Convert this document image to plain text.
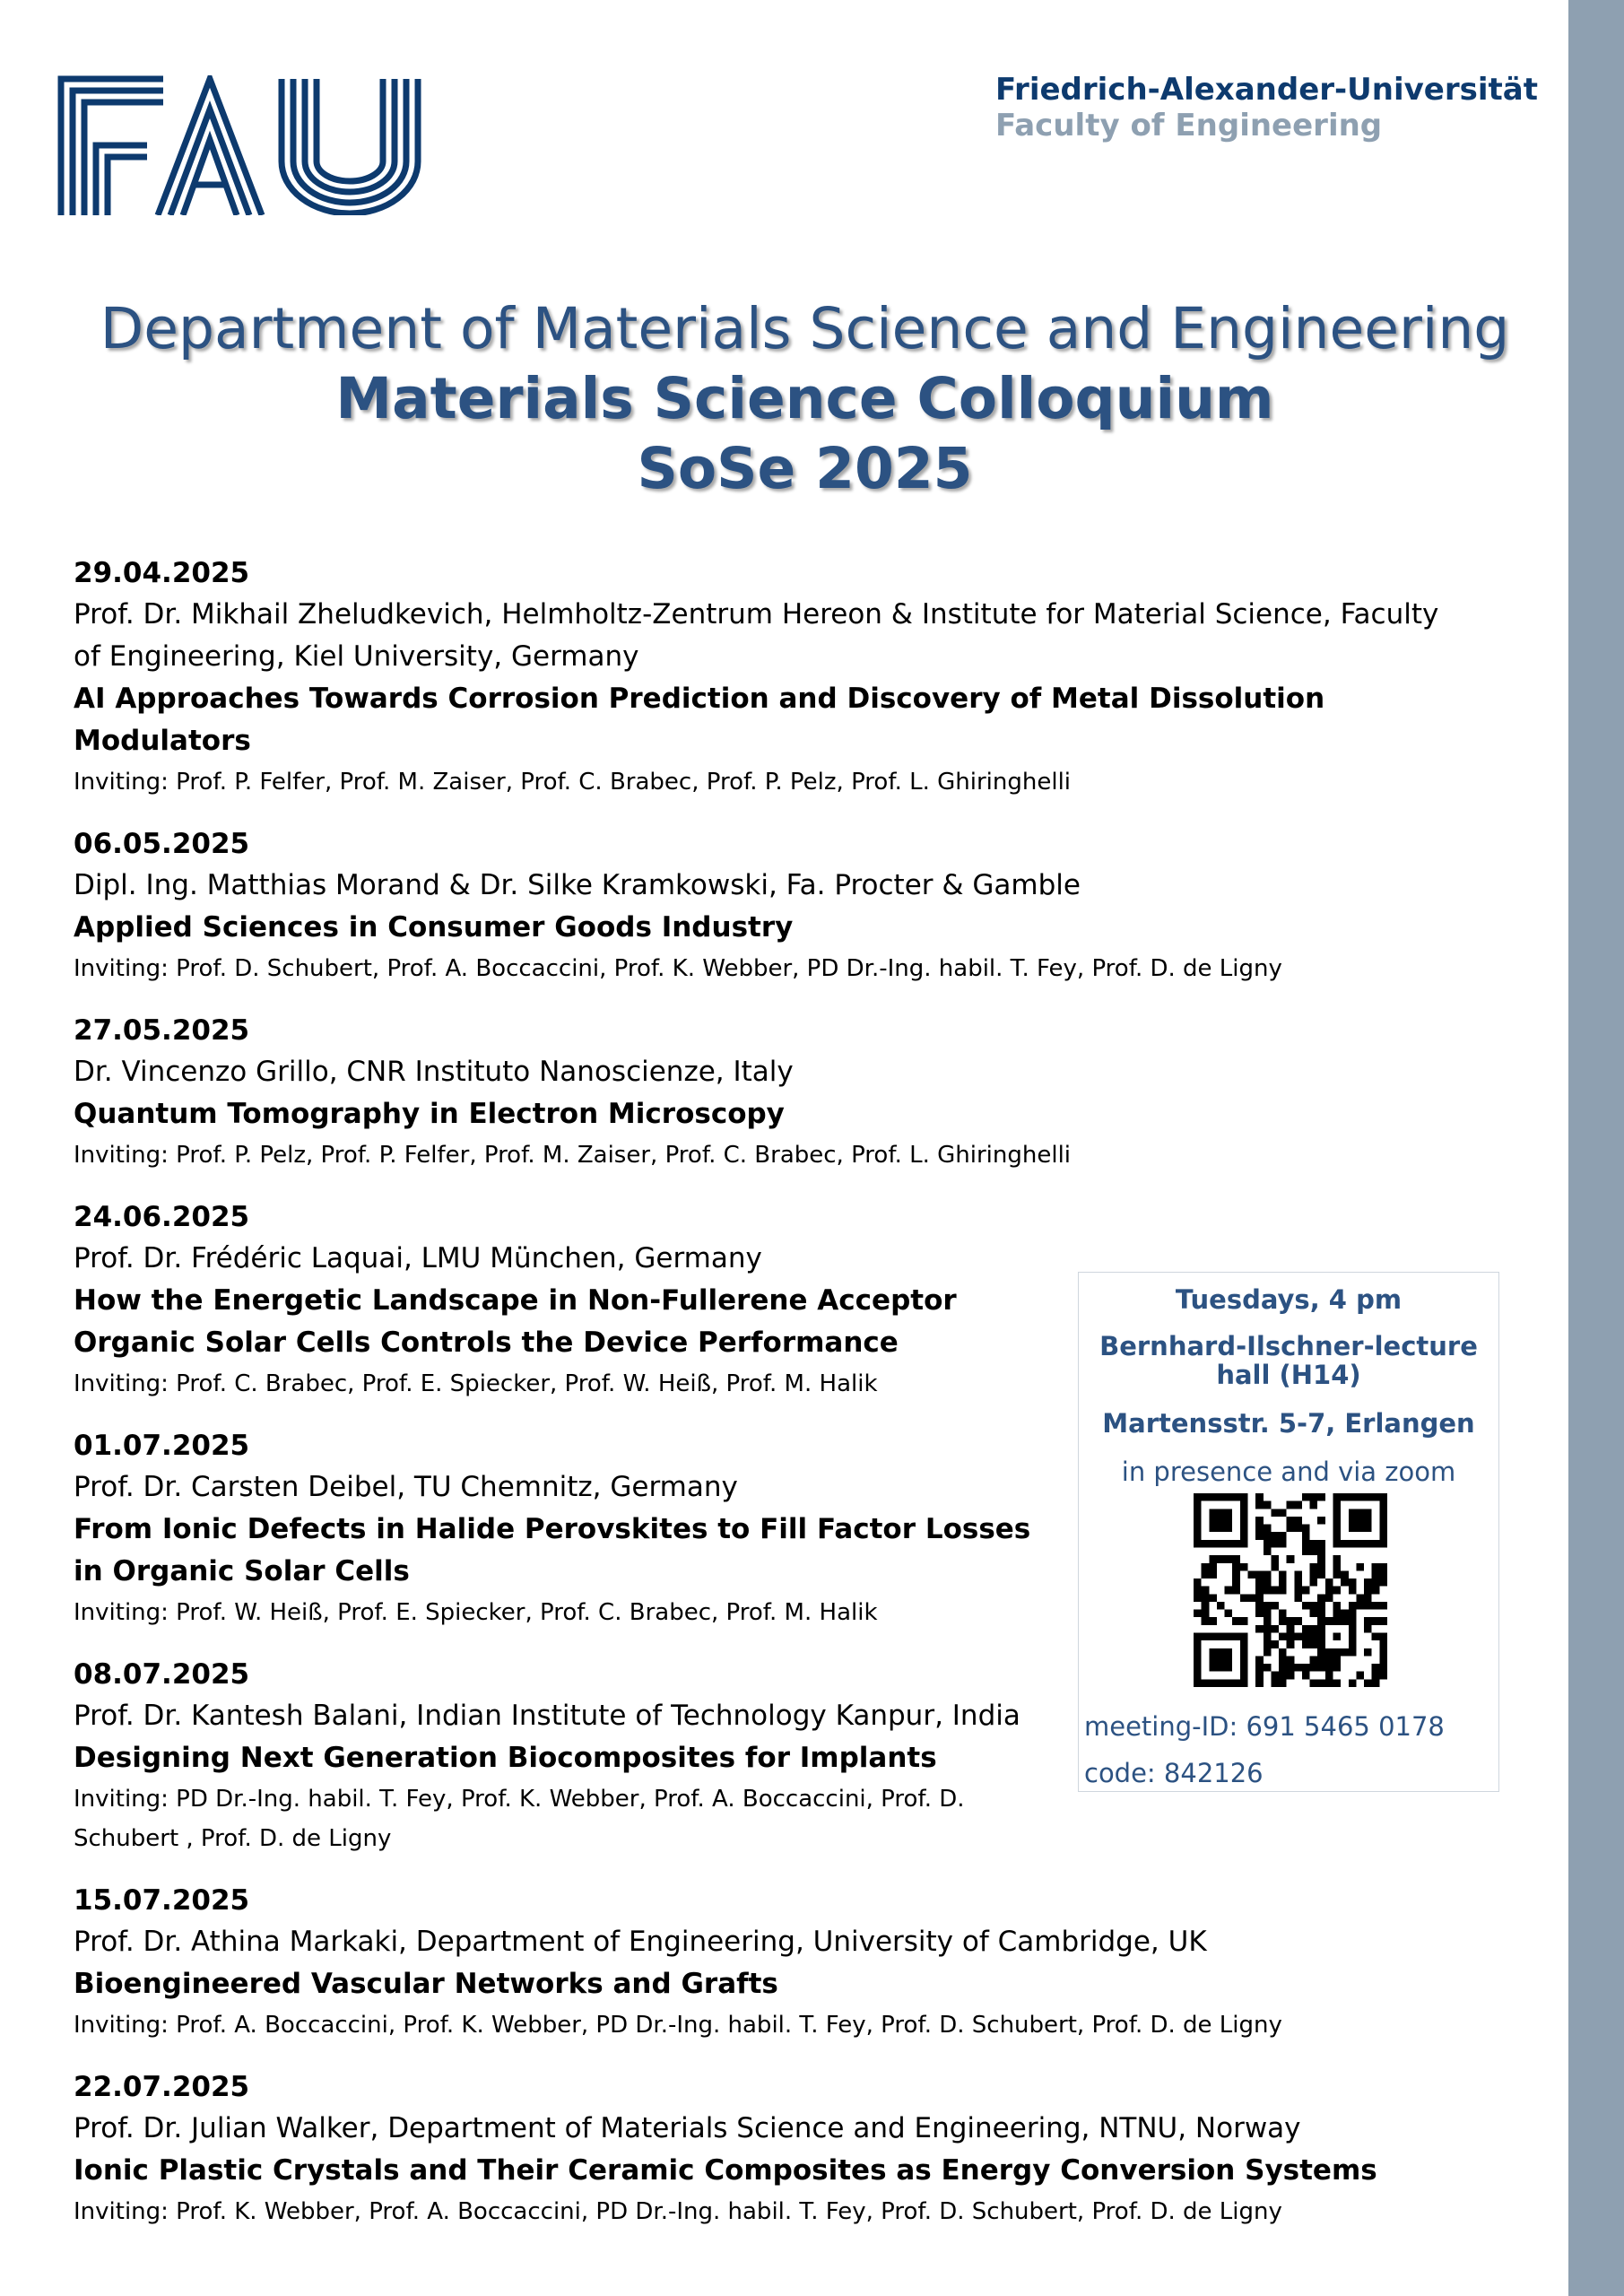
Friedrich-Alexander-Universität
Faculty of Engineering
Department of Materials Science and Engineering
Materials Science Colloquium
SoSe 2025
29.04.2025
Prof. Dr. Mikhail Zheludkevich, Helmholtz-Zentrum Hereon & Institute for Material Science, Faculty of Engineering, Kiel University, Germany
AI Approaches Towards Corrosion Prediction and Discovery of Metal Dissolution Modulators
Inviting: Prof. P. Felfer, Prof. M. Zaiser, Prof. C. Brabec, Prof. P. Pelz, Prof. L. Ghiringhelli
06.05.2025
Dipl. Ing. Matthias Morand & Dr. Silke Kramkowski, Fa. Procter & Gamble
Applied Sciences in Consumer Goods Industry
Inviting: Prof. D. Schubert, Prof. A. Boccaccini, Prof. K. Webber, PD Dr.-Ing. habil. T. Fey, Prof. D. de Ligny
27.05.2025
Dr. Vincenzo Grillo, CNR Instituto Nanoscienze, Italy
Quantum Tomography in Electron Microscopy
Inviting: Prof. P. Pelz, Prof. P. Felfer, Prof. M. Zaiser, Prof. C. Brabec, Prof. L. Ghiringhelli
24.06.2025
Prof. Dr. Frédéric Laquai, LMU München, Germany
How the Energetic Landscape in Non-Fullerene Acceptor Organic Solar Cells Controls the Device Performance
Inviting: Prof. C. Brabec, Prof. E. Spiecker, Prof. W. Heiß, Prof. M. Halik
01.07.2025
Prof. Dr. Carsten Deibel, TU Chemnitz, Germany
From Ionic Defects in Halide Perovskites to Fill Factor Losses in Organic Solar Cells
Inviting: Prof. W. Heiß, Prof. E. Spiecker, Prof. C. Brabec, Prof. M. Halik
08.07.2025
Prof. Dr. Kantesh Balani, Indian Institute of Technology Kanpur, India
Designing Next Generation Biocomposites for Implants
Inviting: PD Dr.-Ing. habil. T. Fey, Prof. K. Webber, Prof. A. Boccaccini, Prof. D. Schubert , Prof. D. de Ligny
15.07.2025
Prof. Dr. Athina Markaki, Department of Engineering, University of Cambridge, UK
Bioengineered Vascular Networks and Grafts
Inviting: Prof. A. Boccaccini, Prof. K. Webber, PD Dr.-Ing. habil. T. Fey, Prof. D. Schubert, Prof. D. de Ligny
22.07.2025
Prof. Dr. Julian Walker, Department of Materials Science and Engineering, NTNU, Norway
Ionic Plastic Crystals and Their Ceramic Composites as Energy Conversion Systems
Inviting: Prof. K. Webber, Prof. A. Boccaccini, PD Dr.-Ing. habil. T. Fey, Prof. D. Schubert, Prof. D. de Ligny
Tuesdays, 4 pm
Bernhard-Ilschner-lecture hall (H14)
Martensstr. 5-7, Erlangen
in presence and via zoom
meeting-ID: 691 5465 0178
code: 842126
